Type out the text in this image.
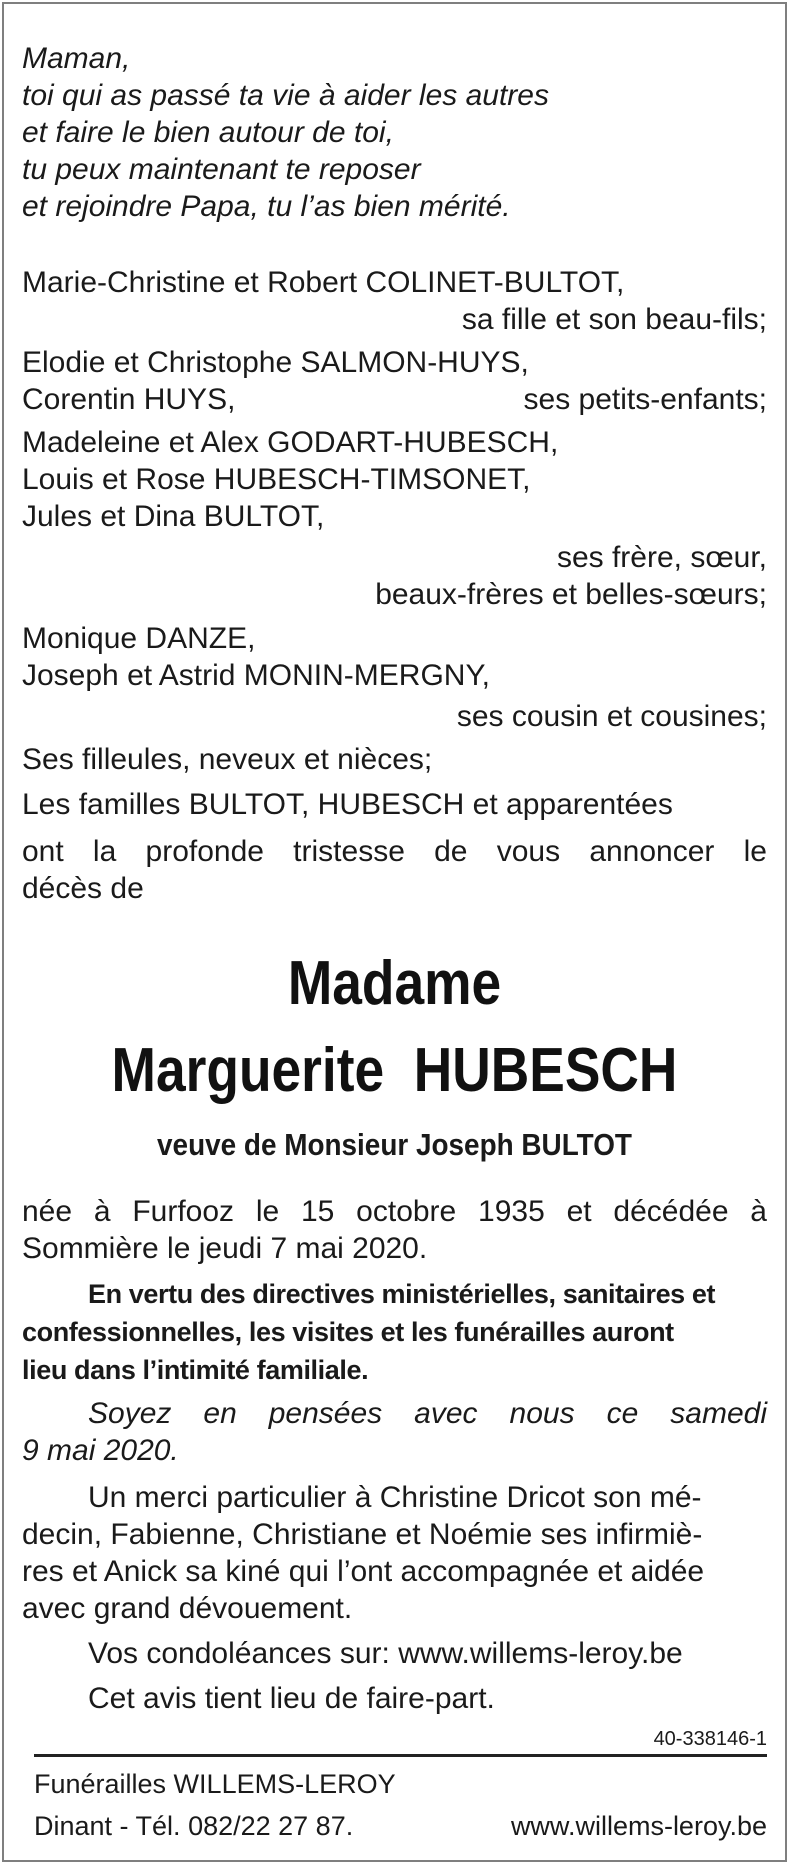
Maman,
toi qui as passé ta vie à aider les autres
et faire le bien autour de toi,
tu peux maintenant te reposer
et rejoindre Papa, tu l’as bien mérité.
Marie-Christine et Robert COLINET-BULTOT,
sa fille et son beau-fils;
Elodie et Christophe SALMON-HUYS,
Corentin HUYS,	ses petits-enfants;
Madeleine et Alex GODART-HUBESCH,
Louis et Rose HUBESCH-TIMSONET,
Jules et Dina BULTOT,
ses frère, sœur,
beaux-frères et belles-sœurs;
Monique DANZE,
Joseph et Astrid MONIN-MERGNY,
ses cousin et cousines;
Ses filleules, neveux et nièces;
Les familles BULTOT, HUBESCH et apparentées
ont la profonde tristesse de vous annoncer le
décès de
Madame
Marguerite  HUBESCH
veuve de Monsieur Joseph BULTOT
née à Furfooz le 15 octobre 1935 et décédée à
Sommière le jeudi 7 mai 2020.
En vertu des directives ministérielles, sanitaires et
confessionnelles, les visites et les funérailles auront
lieu dans l’intimité familiale.
Soyez en pensées avec nous ce samedi
9 mai 2020.
Un merci particulier à Christine Dricot son mé-
decin, Fabienne, Christiane et Noémie ses infirmiè-
res et Anick sa kiné qui l’ont accompagnée et aidée
avec grand dévouement.
Vos condoléances sur: www.willems-leroy.be
Cet avis tient lieu de faire-part.
40-338146-1
Funérailles WILLEMS-LEROY
Dinant - Tél. 082/22 27 87.	www.willems-leroy.be
